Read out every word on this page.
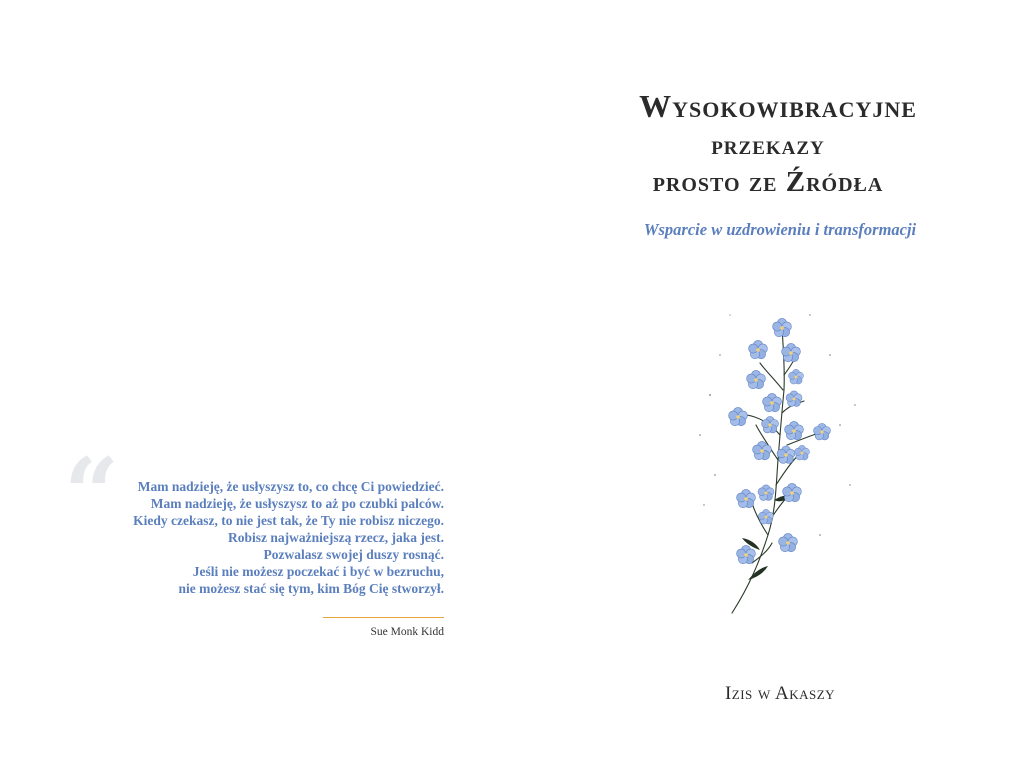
“	Mam nadzieję, że usłyszysz to, co chcę Ci powiedzieć.
Mam nadzieję, że usłyszysz to aż po czubki palców.
Kiedy czekasz, to nie jest tak, że Ty nie robisz niczego.
Robisz najważniejszą rzecz, jaka jest.
Pozwalasz swojej duszy rosnąć.
Jeśli nie możesz poczekać i być w bezruchu,
nie możesz stać się tym, kim Bóg Cię stworzył.
Sue Monk Kidd
Wysokowibracyjne
przekazy
prosto ze Źródła
Wsparcie w uzdrowieniu i transformacji
Izis w Akaszy
